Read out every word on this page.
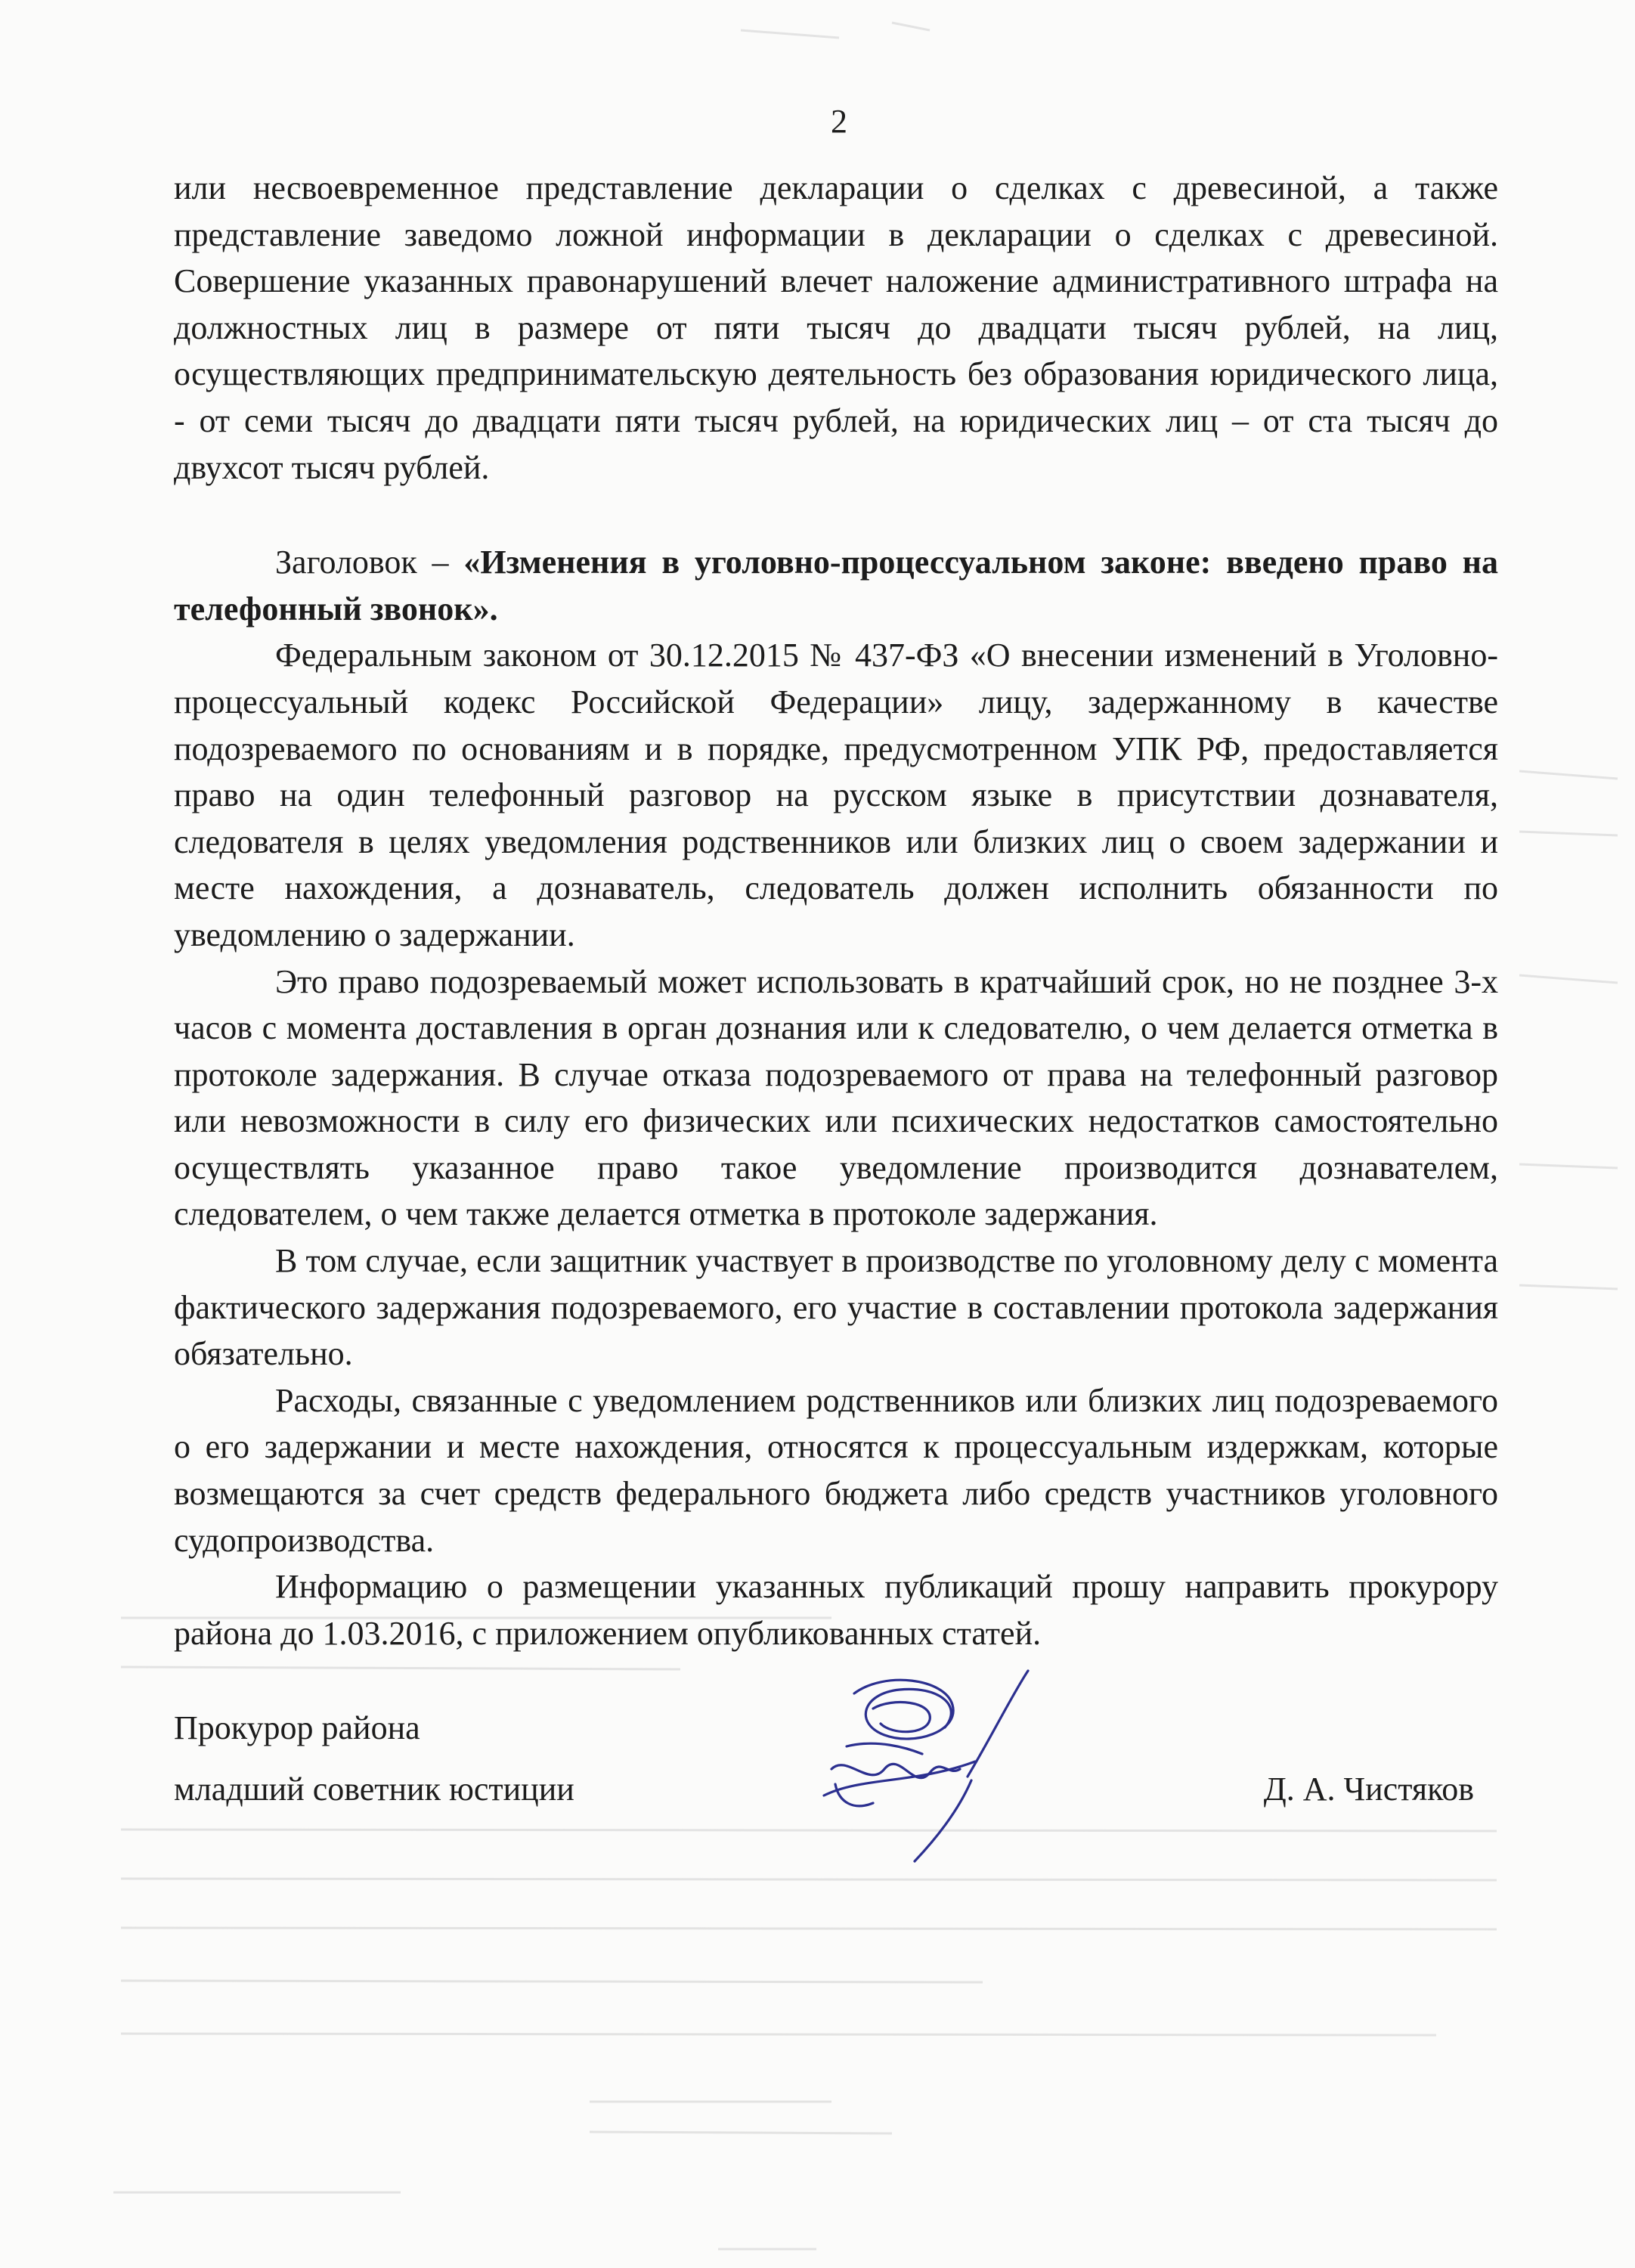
2

или несвоевременное представление декларации о сделках с древесиной, а также представление заведомо ложной информации в декларации о сделках с древесиной. Совершение указанных правонарушений влечет наложение административного штрафа на должностных лиц в размере от пяти тысяч до двадцати тысяч рублей, на лиц, осуществляющих предпринимательскую деятельность без образования юридического лица, - от семи тысяч до двадцати пяти тысяч рублей, на юридических лиц – от ста тысяч до двухсот тысяч рублей.

Заголовок – «Изменения в уголовно-процессуальном законе: введено право на телефонный звонок».

Федеральным законом от 30.12.2015 № 437-ФЗ «О внесении изменений в Уголовно-процессуальный кодекс Российской Федерации» лицу, задержанному в качестве подозреваемого по основаниям и в порядке, предусмотренном УПК РФ, предоставляется право на один телефонный разговор на русском языке в присутствии дознавателя, следователя в целях уведомления родственников или близких лиц о своем задержании и месте нахождения, а дознаватель, следователь должен исполнить обязанности по уведомлению о задержании.

Это право подозреваемый может использовать в кратчайший срок, но не позднее 3-х часов с момента доставления в орган дознания или к следователю, о чем делается отметка в протоколе задержания. В случае отказа подозреваемого от права на телефонный разговор или невозможности в силу его физических или психических недостатков самостоятельно осуществлять указанное право такое уведомление производится дознавателем, следователем, о чем также делается отметка в протоколе задержания.

В том случае, если защитник участвует в производстве по уголовному делу с момента фактического задержания подозреваемого, его участие в составлении протокола задержания обязательно.

Расходы, связанные с уведомлением родственников или близких лиц подозреваемого о его задержании и месте нахождения, относятся к процессуальным издержкам, которые возмещаются за счет средств федерального бюджета либо средств участников уголовного судопроизводства.

Информацию о размещении указанных публикаций прошу направить прокурору района до 1.03.2016, с приложением опубликованных статей.

Прокурор района
младший советник юстиции	Д. А. Чистяков
